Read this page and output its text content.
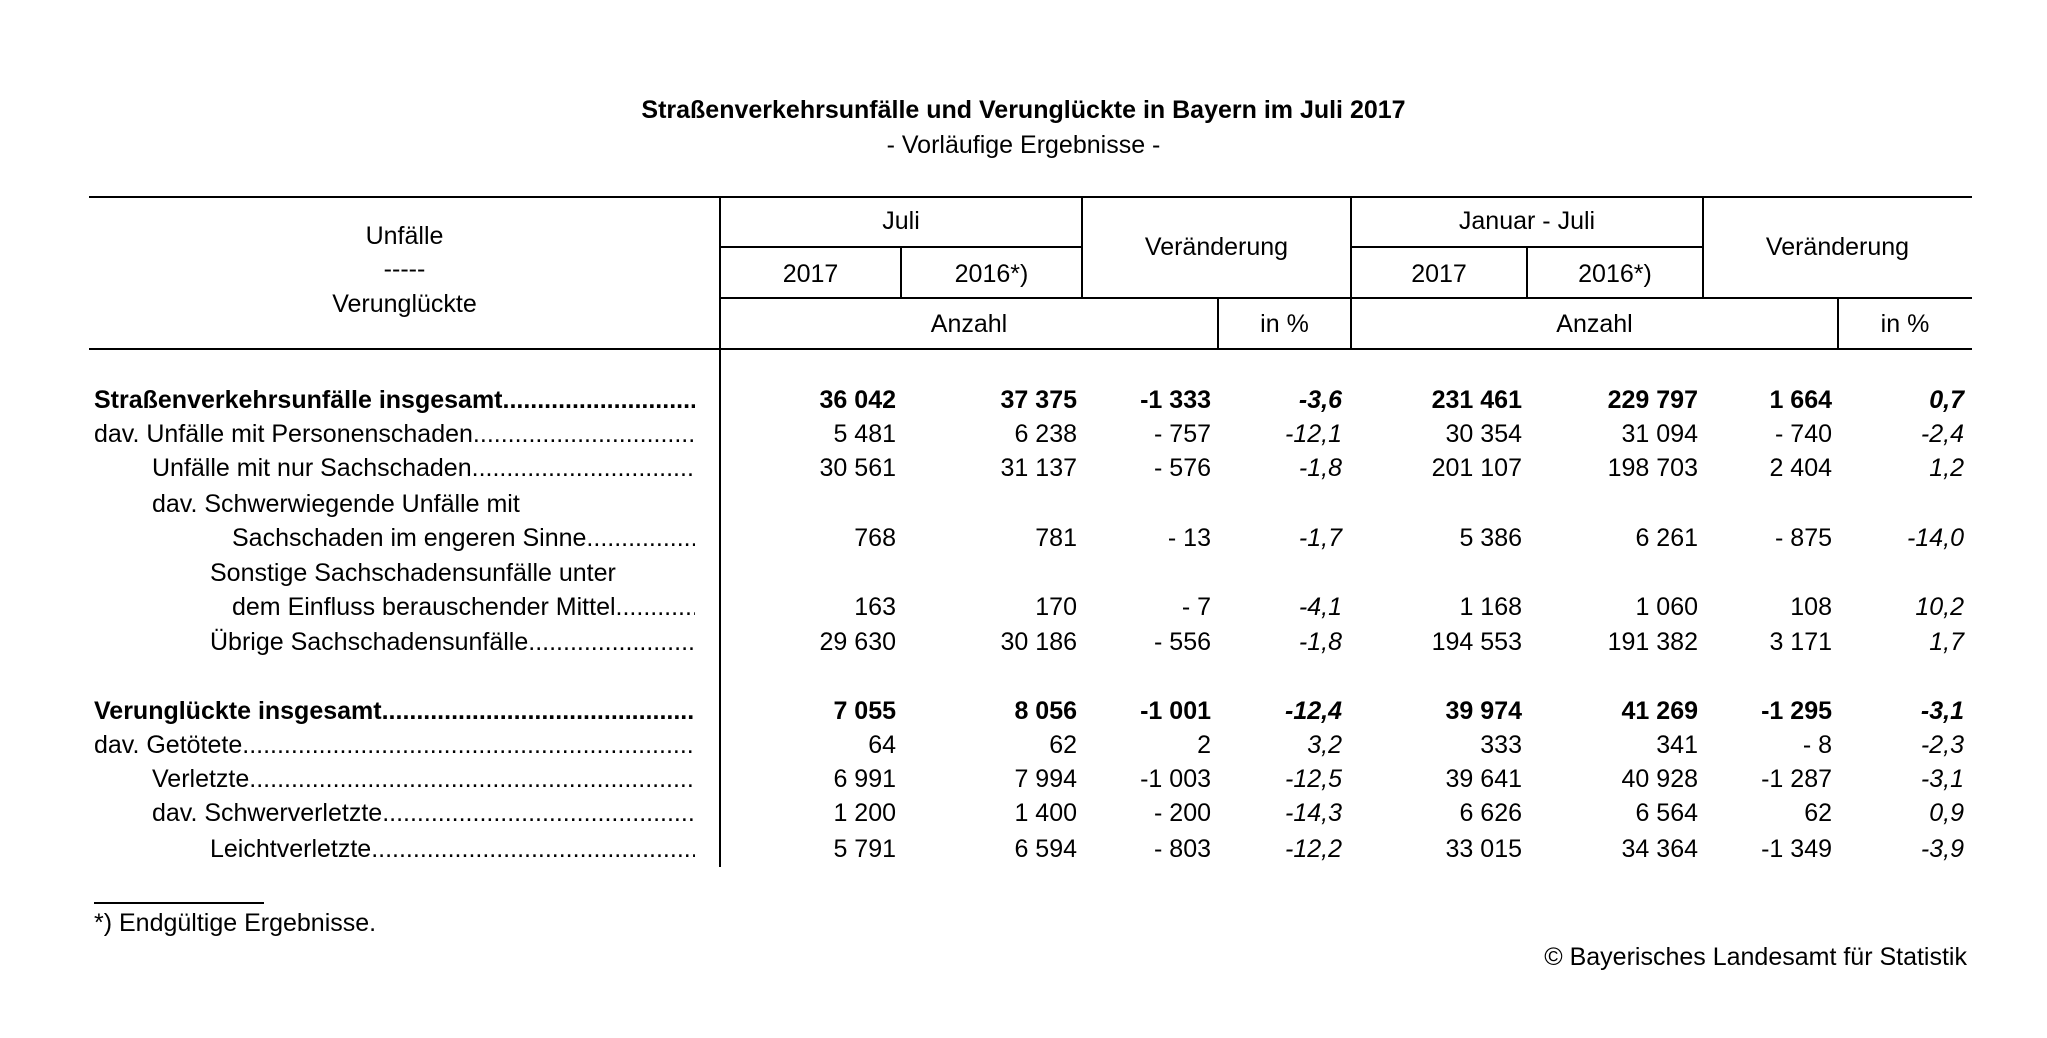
Straßenverkehrsunfälle und Verunglückte in Bayern im Juli 2017
- Vorläufige Ergebnisse -
Unfälle
-----
Verunglückte
Juli
Veränderung
Januar - Juli
Veränderung
2017	2016*)	2017	2016*)
Anzahl	in %	Anzahl	in %
Straßenverkehrsunfälle insgesamt .....	36 042	37 375	-1 333	-3,6	231 461	229 797	1 664	0,7
dav. Unfälle mit Personenschaden .....	5 481	6 238	- 757	-12,1	30 354	31 094	- 740	-2,4
Unfälle mit nur Sachschaden .....	30 561	31 137	- 576	-1,8	201 107	198 703	2 404	1,2
dav. Schwerwiegende Unfälle mit
Sachschaden im engeren Sinne .....	768	781	- 13	-1,7	5 386	6 261	- 875	-14,0
Sonstige Sachschadensunfälle unter
dem Einfluss berauschender Mittel .....	163	170	- 7	-4,1	1 168	1 060	108	10,2
Übrige Sachschadensunfälle .....	29 630	30 186	- 556	-1,8	194 553	191 382	3 171	1,7
Verunglückte insgesamt .....	7 055	8 056	-1 001	-12,4	39 974	41 269	-1 295	-3,1
dav. Getötete .....	64	62	2	3,2	333	341	- 8	-2,3
Verletzte .....	6 991	7 994	-1 003	-12,5	39 641	40 928	-1 287	-3,1
dav. Schwerverletzte .....	1 200	1 400	- 200	-14,3	6 626	6 564	62	0,9
Leichtverletzte .....	5 791	6 594	- 803	-12,2	33 015	34 364	-1 349	-3,9
*) Endgültige Ergebnisse.
© Bayerisches Landesamt für Statistik
